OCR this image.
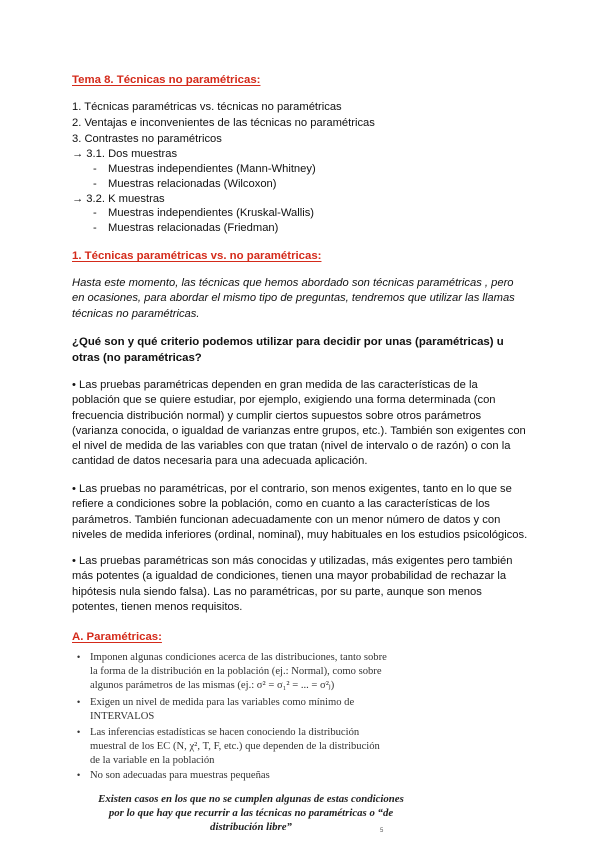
Tema 8. Técnicas no paramétricas:
1. Técnicas paramétricas vs. técnicas no paramétricas
2. Ventajas e inconvenientes de las técnicas no paramétricas
3. Contrastes no paramétricos
→ 3.1. Dos muestras
- Muestras independientes (Mann-Whitney)
- Muestras relacionadas (Wilcoxon)
→ 3.2. K muestras
- Muestras independientes (Kruskal-Wallis)
- Muestras relacionadas (Friedman)
1. Técnicas paramétricas vs. no paramétricas:
Hasta este momento, las técnicas que hemos abordado son técnicas paramétricas , pero en ocasiones, para abordar el mismo tipo de preguntas, tendremos que utilizar las llamas técnicas no paramétricas.
¿Qué son y qué criterio podemos utilizar para decidir por unas (paramétricas) u otras (no paramétricas?
• Las pruebas paramétricas dependen en gran medida de las características de la población que se quiere estudiar, por ejemplo, exigiendo una forma determinada (con frecuencia distribución normal) y cumplir ciertos supuestos sobre otros parámetros (varianza conocida, o igualdad de varianzas entre grupos, etc.). También son exigentes con el nivel de medida de las variables con que tratan (nivel de intervalo o de razón) o con la cantidad de datos necesaria para una adecuada aplicación.
• Las pruebas no paramétricas, por el contrario, son menos exigentes, tanto en lo que se refiere a condiciones sobre la población, como en cuanto a las características de los parámetros. También funcionan adecuadamente con un menor número de datos y con niveles de medida inferiores (ordinal, nominal), muy habituales en los estudios psicológicos.
• Las pruebas paramétricas son más conocidas y utilizadas, más exigentes pero también más potentes (a igualdad de condiciones, tienen una mayor probabilidad de rechazar la hipótesis nula siendo falsa). Las no paramétricas, por su parte, aunque son menos potentes, tienen menos requisitos.
A. Paramétricas:
• Imponen algunas condiciones acerca de las distribuciones, tanto sobre
la forma de la distribución en la población (ej.: Normal), como sobre
algunos parámetros de las mismas (ej.: σ² = σ₁² = ... = σ²ⱼ)
• Exigen un nivel de medida para las variables como mínimo de
INTERVALOS
• Las inferencias estadísticas se hacen conociendo la distribución
muestral de los EC (N, χ², T, F, etc.) que dependen de la distribución
de la variable en la población
• No son adecuadas para muestras pequeñas
Existen casos en los que no se cumplen algunas de estas condiciones por lo que hay que recurrir a las técnicas no paramétricas o “de distribución libre”	5
